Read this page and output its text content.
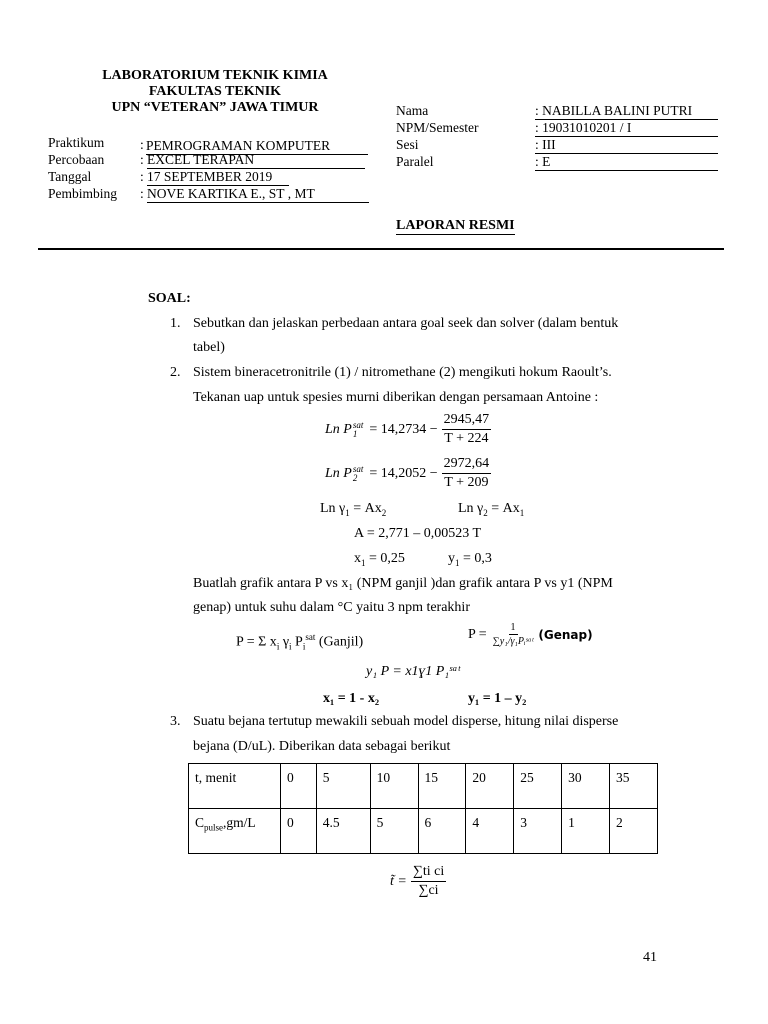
LABORATORIUM TEKNIK KIMIA
FAKULTAS TEKNIK
UPN “VETERAN” JAWA TIMUR
Praktikum	: PEMROGRAMAN KOMPUTER
Percobaan	: EXCEL TERAPAN
Tanggal	: 17 SEPTEMBER 2019
Pembimbing : NOVE KARTIKA E., ST , MT
Nama	: NABILLA BALINI PUTRI
NPM/Semester	: 19031010201 / I
Sesi	: III
Paralel	: E
LAPORAN RESMI
SOAL:
1. Sebutkan dan jelaskan perbedaan antara goal seek dan solver (dalam bentuk
tabel)
2. Sistem bineracetronitrile (1) / nitromethane (2) mengikuti hokum Raoult’s.
Tekanan uap untuk spesies murni diberikan dengan persamaan Antoine :
Ln P sat
$1 = 14,2734 - \frac{2945,47}{T + 224}$
Ln P sat
$2 = 14,2052 - \frac{2972,64}{T + 209}$
Ln $\gamma_1 = Ax_2$	Ln $\gamma_2 = Ax_1$
A = 2,771 – 0,00523 T
$x_1 = 0,25$	$y_1 = 0,3$
Buatlah grafik antara P vs x₁ (NPM ganjil )dan grafik antara P vs y1 (NPM
genap) untuk suhu dalam °C yaitu 3 npm terakhir
P = Σ $x_i$ $\gamma_i$ $P_i^{sat}$ (Ganjil)
$P = \frac{1}{\text{∑y₁/γ₁Pᵢˢᵃᵗ}}$ (Genap)
y₁ P = x1ɣ1 P₁ˢᵃᵗ
x₁ = 1 - x₂	y₁ = 1 – y₂
3. Suatu bejana tertutup mewakili sebuah model disperse, hitung nilai disperse
bejana (D/uL). Diberikan data sebagai berikut
t, menit	0	5	10	15	20	25	30	35
$C_{pulse},gm/L$	0	4.5	5	6	4	3	1	2
t̃ = $\frac{\text{∑ti ci}}{\sum ci}$
41
